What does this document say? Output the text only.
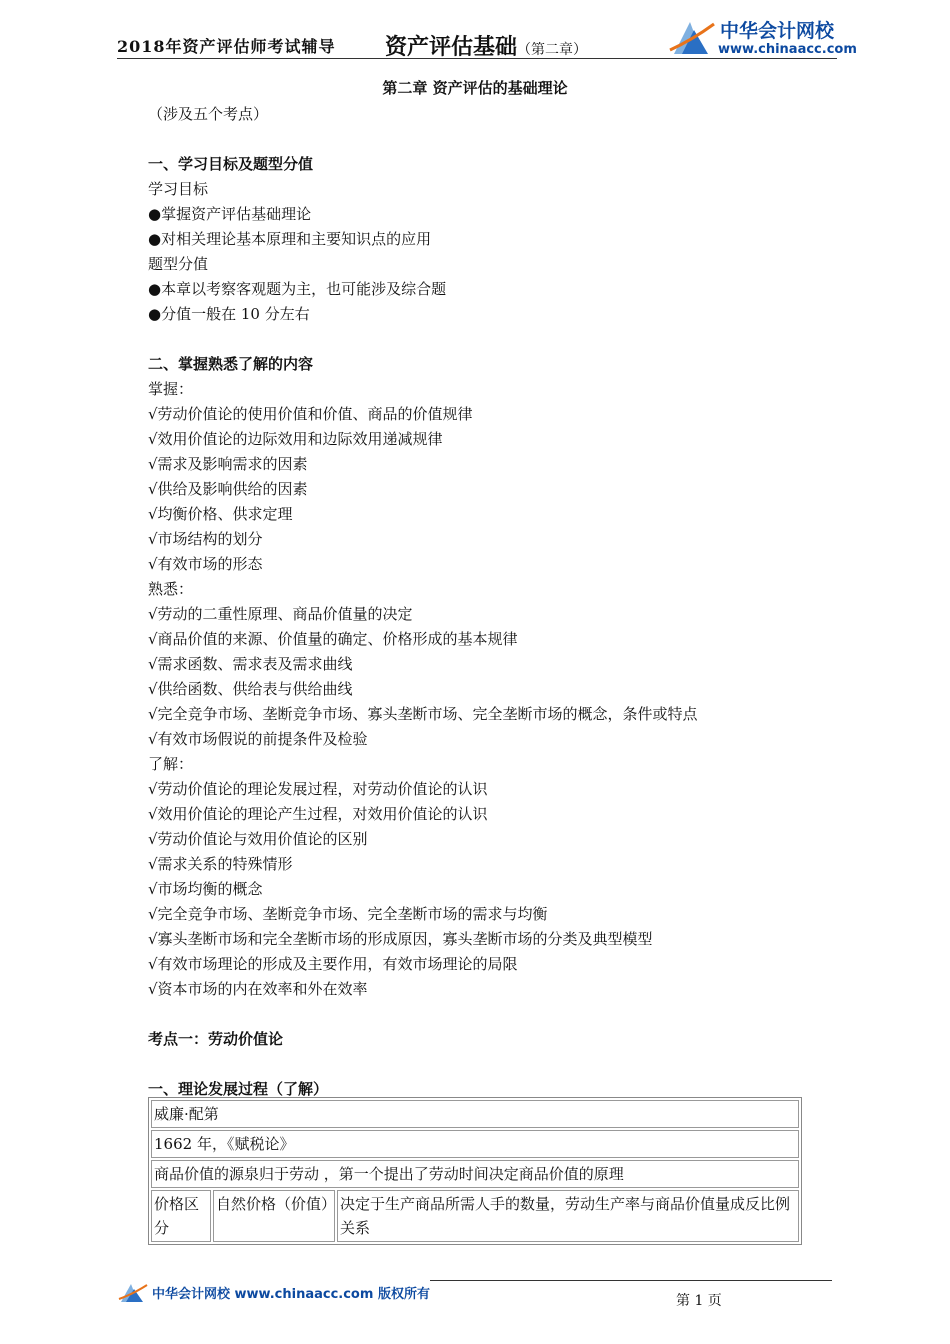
2018年资产评估师考试辅导 资产评估基础（第二章）
中华会计网校
www.chinaacc.com
第二章 资产评估的基础理论
（涉及五个考点）
一、学习目标及题型分值
学习目标
●掌握资产评估基础理论
●对相关理论基本原理和主要知识点的应用
题型分值
●本章以考察客观题为主，也可能涉及综合题
●分值一般在 10 分左右
二、掌握熟悉了解的内容
掌握：
√劳动价值论的使用价值和价值、商品的价值规律
√效用价值论的边际效用和边际效用递减规律
√需求及影响需求的因素
√供给及影响供给的因素
√均衡价格、供求定理
√市场结构的划分
√有效市场的形态
熟悉：
√劳动的二重性原理、商品价值量的决定
√商品价值的来源、价值量的确定、价格形成的基本规律
√需求函数、需求表及需求曲线
√供给函数、供给表与供给曲线
√完全竞争市场、垄断竞争市场、寡头垄断市场、完全垄断市场的概念，条件或特点
√有效市场假说的前提条件及检验
了解：
√劳动价值论的理论发展过程，对劳动价值论的认识
√效用价值论的理论产生过程，对效用价值论的认识
√劳动价值论与效用价值论的区别
√需求关系的特殊情形
√市场均衡的概念
√完全竞争市场、垄断竞争市场、完全垄断市场的需求与均衡
√寡头垄断市场和完全垄断市场的形成原因，寡头垄断市场的分类及典型模型
√有效市场理论的形成及主要作用，有效市场理论的局限
√资本市场的内在效率和外在效率
考点一：劳动价值论
一、理论发展过程（了解）
威廉·配第
1662 年，《赋税论》
商品价值的源泉归于劳动 ，第一个提出了劳动时间决定商品价值的原理
价格区分	自然价格（价值）	决定于生产商品所需人手的数量，劳动生产率与商品价值量成反比例关系
中华会计网校 www.chinaacc.com 版权所有	第 1 页
